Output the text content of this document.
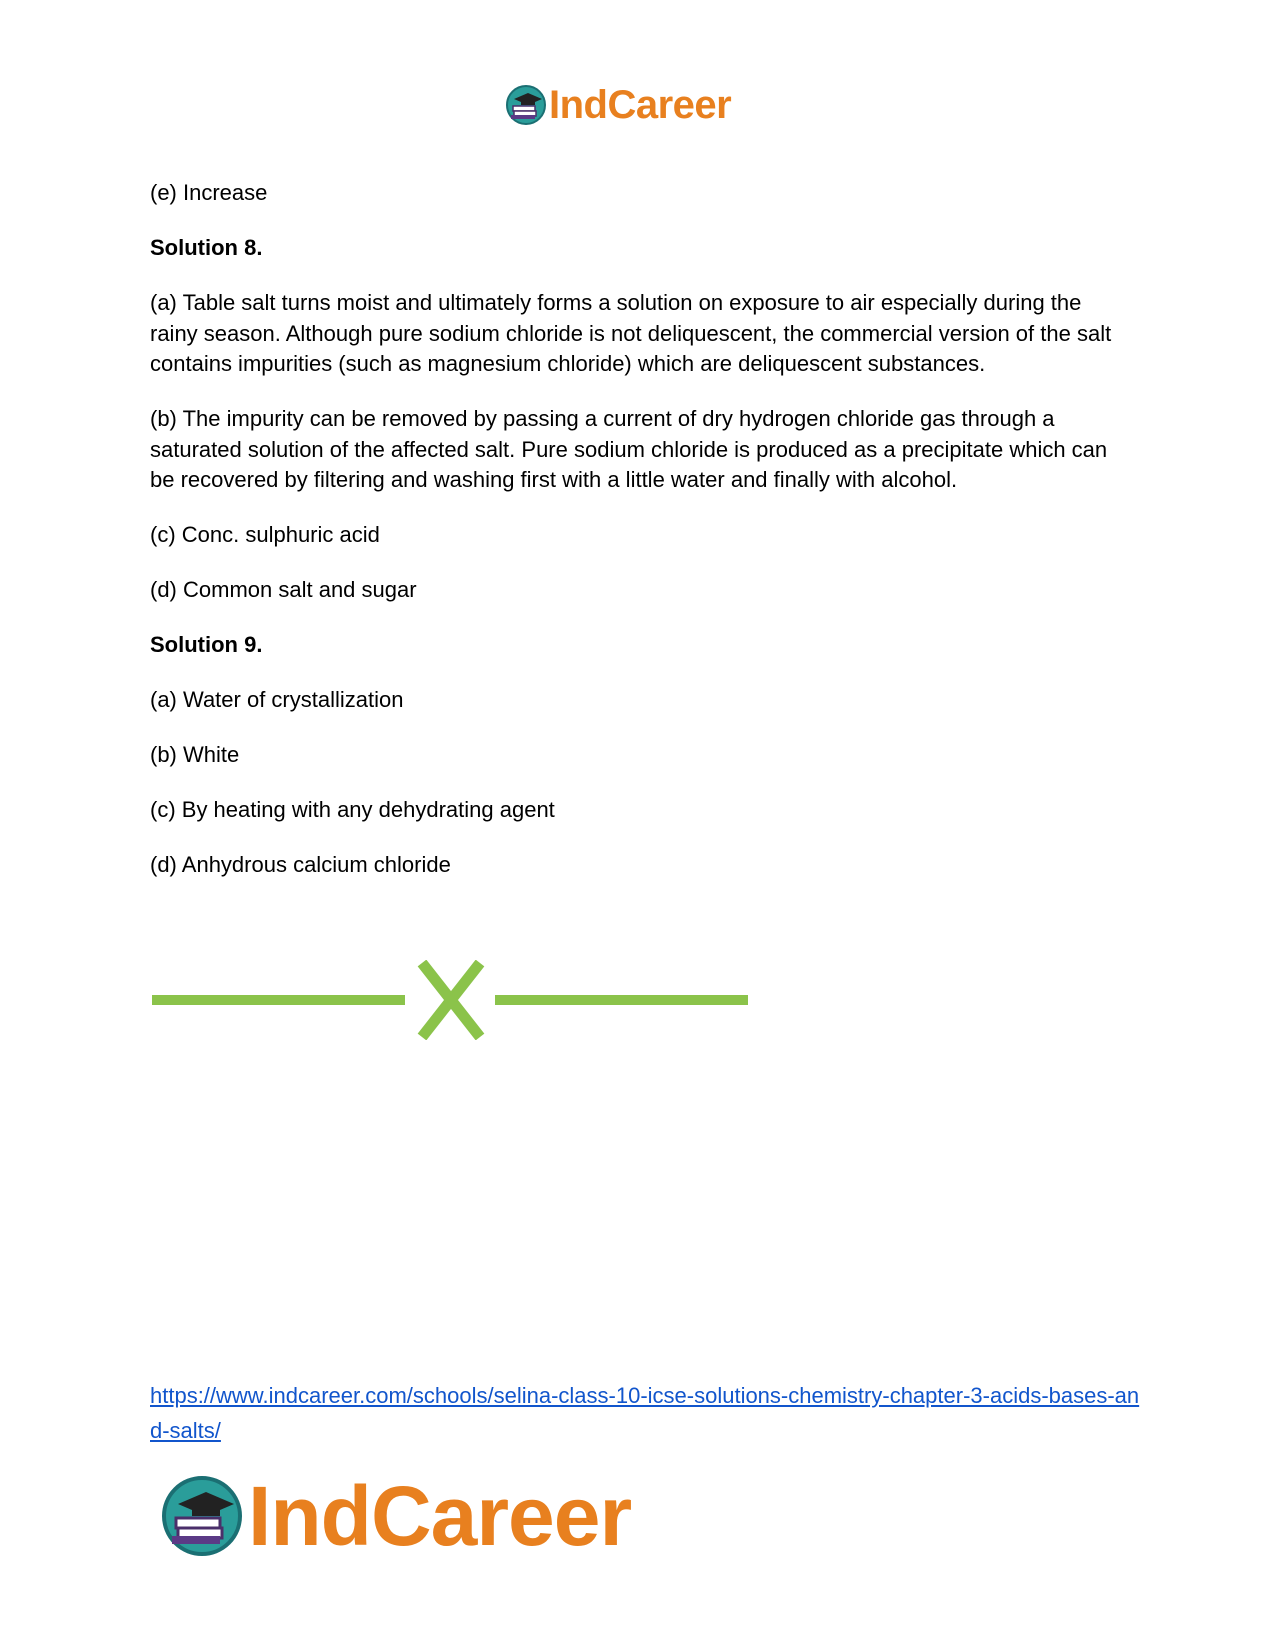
IndCareer

(e) Increase

Solution 8.

(a) Table salt turns moist and ultimately forms a solution on exposure to air especially during the rainy season. Although pure sodium chloride is not deliquescent, the commercial version of the salt contains impurities (such as magnesium chloride) which are deliquescent substances.

(b) The impurity can be removed by passing a current of dry hydrogen chloride gas through a saturated solution of the affected salt. Pure sodium chloride is produced as a precipitate which can be recovered by filtering and washing first with a little water and finally with alcohol.

(c) Conc. sulphuric acid

(d) Common salt and sugar

Solution 9.

(a) Water of crystallization

(b) White

(c) By heating with any dehydrating agent

(d) Anhydrous calcium chloride

https://www.indcareer.com/schools/selina-class-10-icse-solutions-chemistry-chapter-3-acids-bases-and-salts/
IndCareer
